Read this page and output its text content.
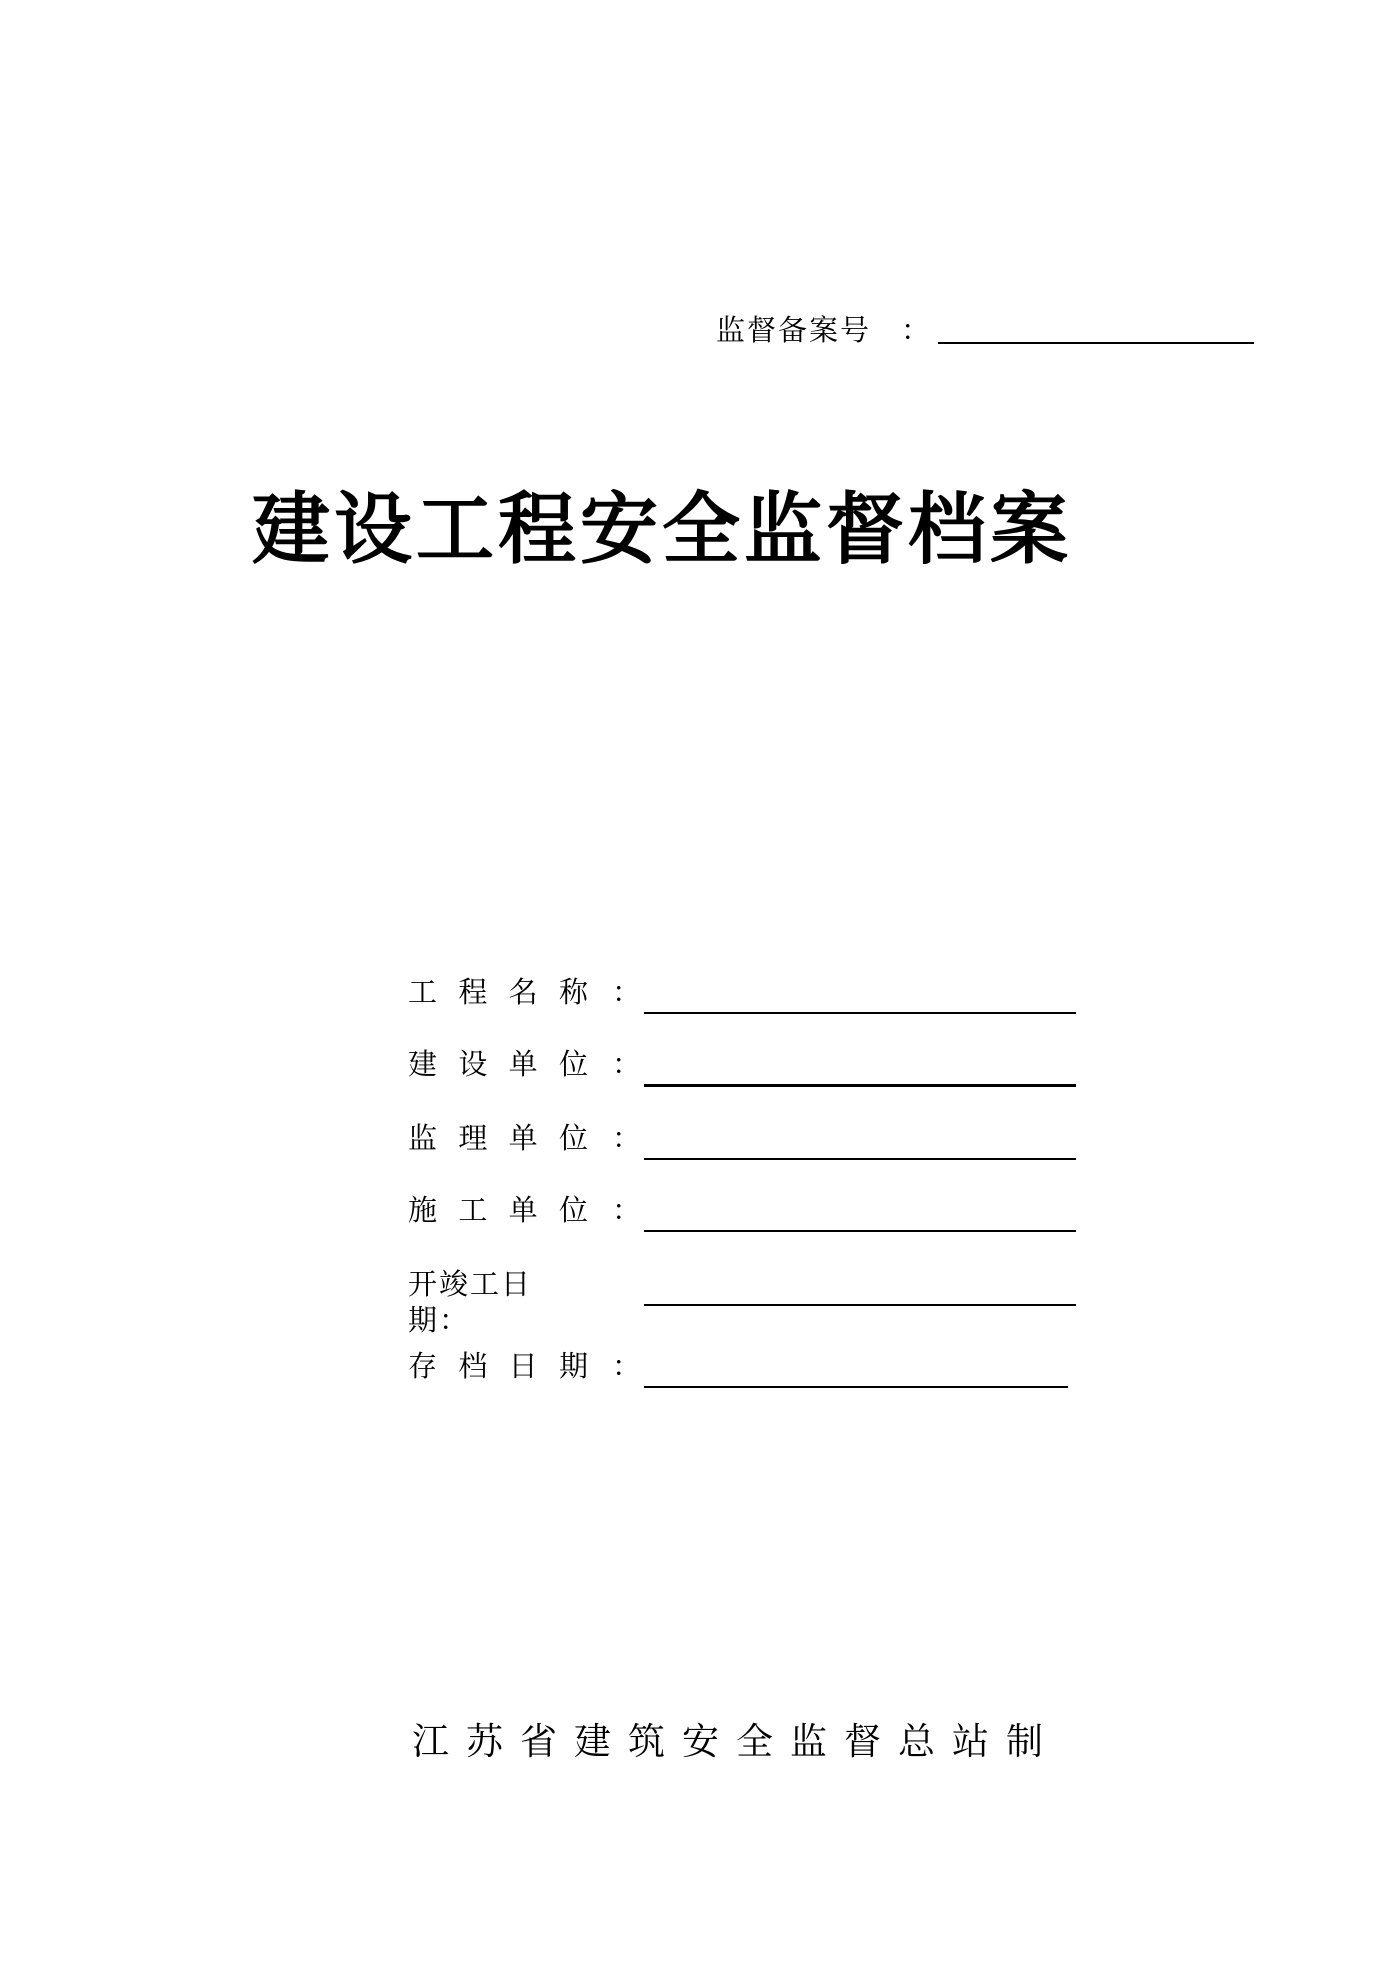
监督备案号 ：
建设工程安全监督档案
工 程 名 称 ：
建 设 单 位 ：
监 理 单 位 ：
施 工 单 位 ：
开竣工日期：
存 档 日 期 ：
江苏省建筑安全监督总站制
